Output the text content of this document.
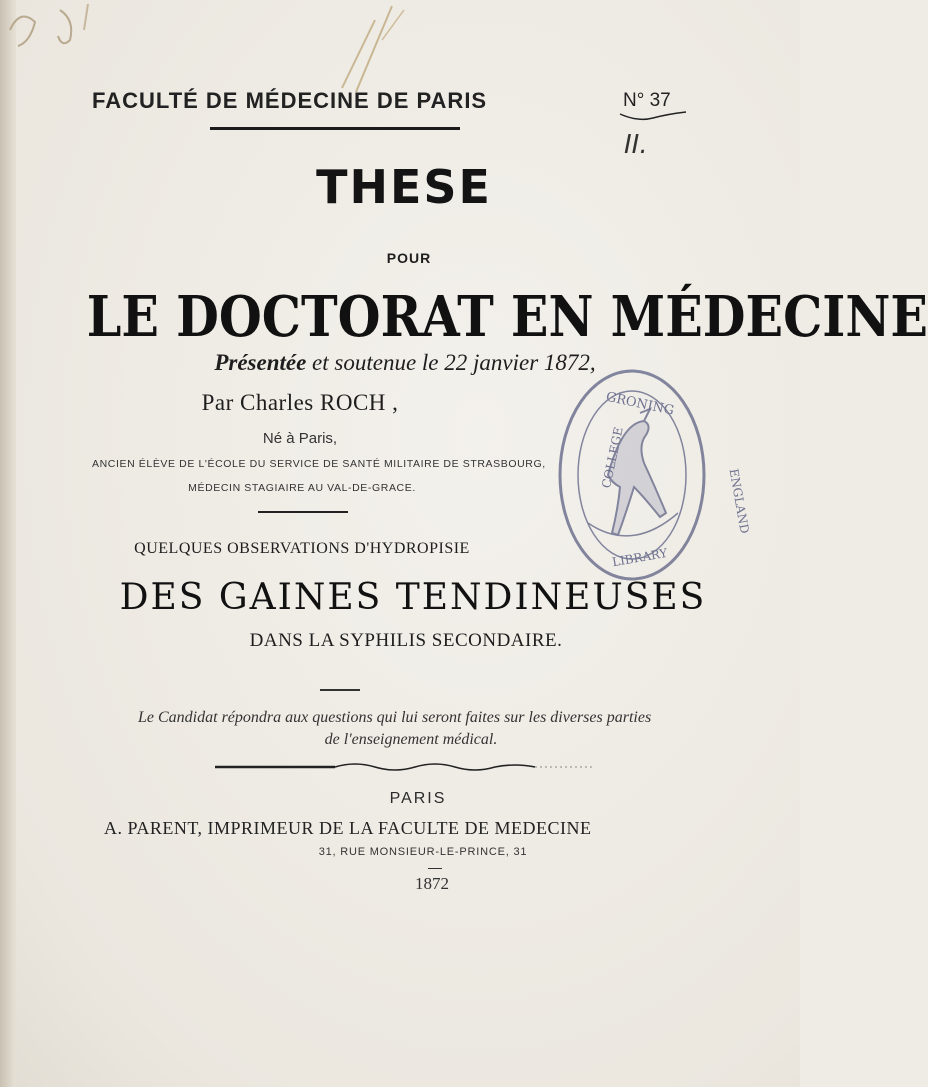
FACULTÉ DE MÉDECINE DE PARIS	N° 37
II.
THESE
POUR
LE DOCTORAT EN MÉDECINE
Présentée et soutenue le 22 janvier 1872,
Par Charles ROCH ,
Né à Paris,
ANCIEN ÉLÈVE DE L'ÉCOLE DU SERVICE DE SANTÉ MILITAIRE DE STRASBOURG,
MÉDECIN STAGIAIRE AU VAL-DE-GRACE.
QUELQUES OBSERVATIONS D'HYDROPISIE
DES GAINES TENDINEUSES
DANS LA SYPHILIS SECONDAIRE.
Le Candidat répondra aux questions qui lui seront faites sur les diverses parties
de l'enseignement médical.
PARIS
A. PARENT, IMPRIMEUR DE LA FACULTE DE MEDECINE
31, RUE MONSIEUR-LE-PRINCE, 31
1872
GRONING
COLLEGE
ENGLAND
LIBRARY
